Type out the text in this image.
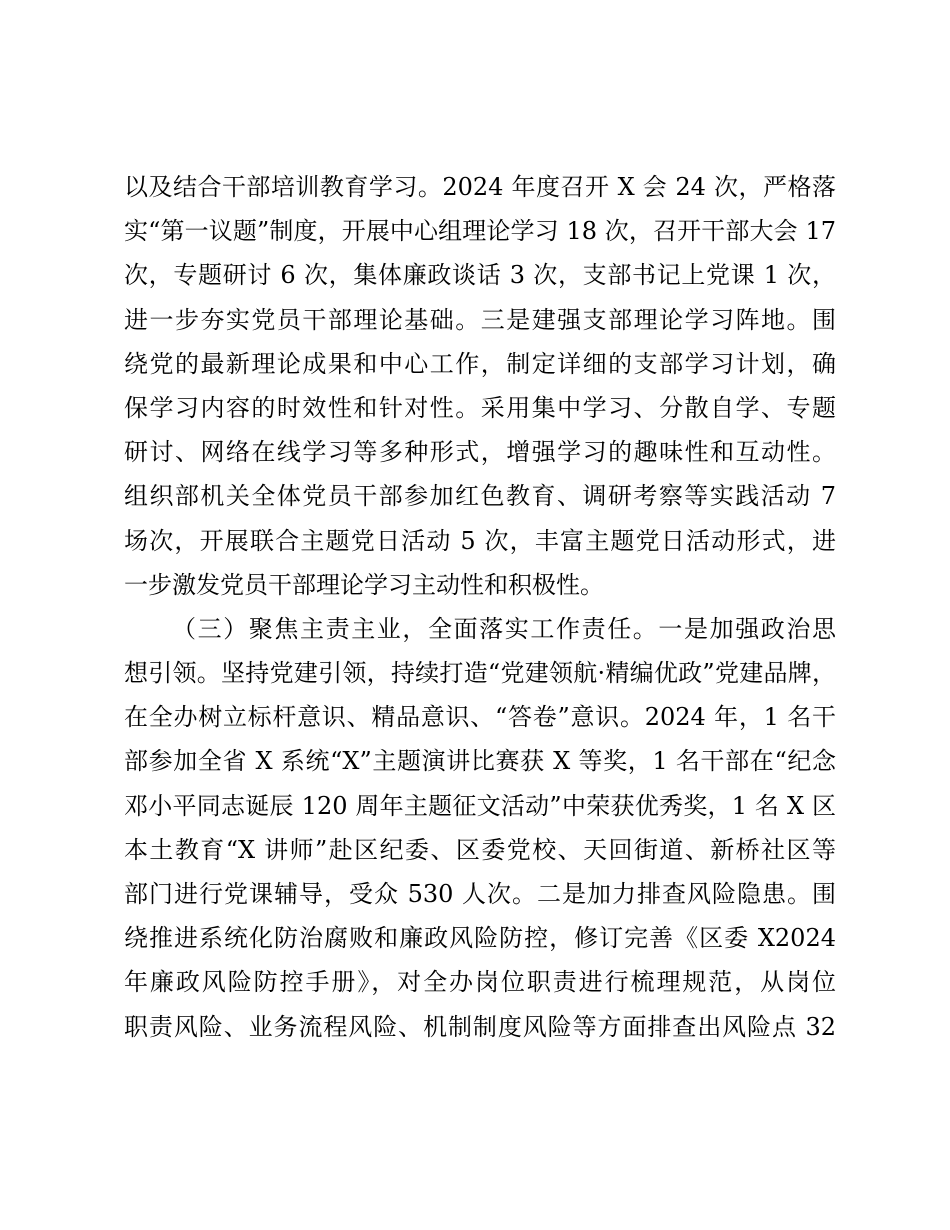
以及结合干部培训教育学习。2024 年度召开 X 会 24 次，严格落
实“第一议题”制度，开展中心组理论学习 18 次，召开干部大会 17
次，专题研讨 6 次，集体廉政谈话 3 次，支部书记上党课 1 次，
进一步夯实党员干部理论基础。三是建强支部理论学习阵地。围
绕党的最新理论成果和中心工作，制定详细的支部学习计划，确
保学习内容的时效性和针对性。采用集中学习、分散自学、专题
研讨、网络在线学习等多种形式，增强学习的趣味性和互动性。
组织部机关全体党员干部参加红色教育、调研考察等实践活动 7
场次，开展联合主题党日活动 5 次，丰富主题党日活动形式，进
一步激发党员干部理论学习主动性和积极性。
（三）聚焦主责主业，全面落实工作责任。一是加强政治思
想引领。坚持党建引领，持续打造“党建领航·精编优政”党建品牌，
在全办树立标杆意识、精品意识、“答卷”意识。2024 年，1 名干
部参加全省 X 系统“X”主题演讲比赛获 X 等奖，1 名干部在“纪念
邓小平同志诞辰 120 周年主题征文活动”中荣获优秀奖，1 名 X 区
本土教育“X 讲师”赴区纪委、区委党校、天回街道、新桥社区等
部门进行党课辅导，受众 530 人次。二是加力排查风险隐患。围
绕推进系统化防治腐败和廉政风险防控，修订完善《区委 X2024
年廉政风险防控手册》，对全办岗位职责进行梳理规范，从岗位
职责风险、业务流程风险、机制制度风险等方面排查出风险点 32
